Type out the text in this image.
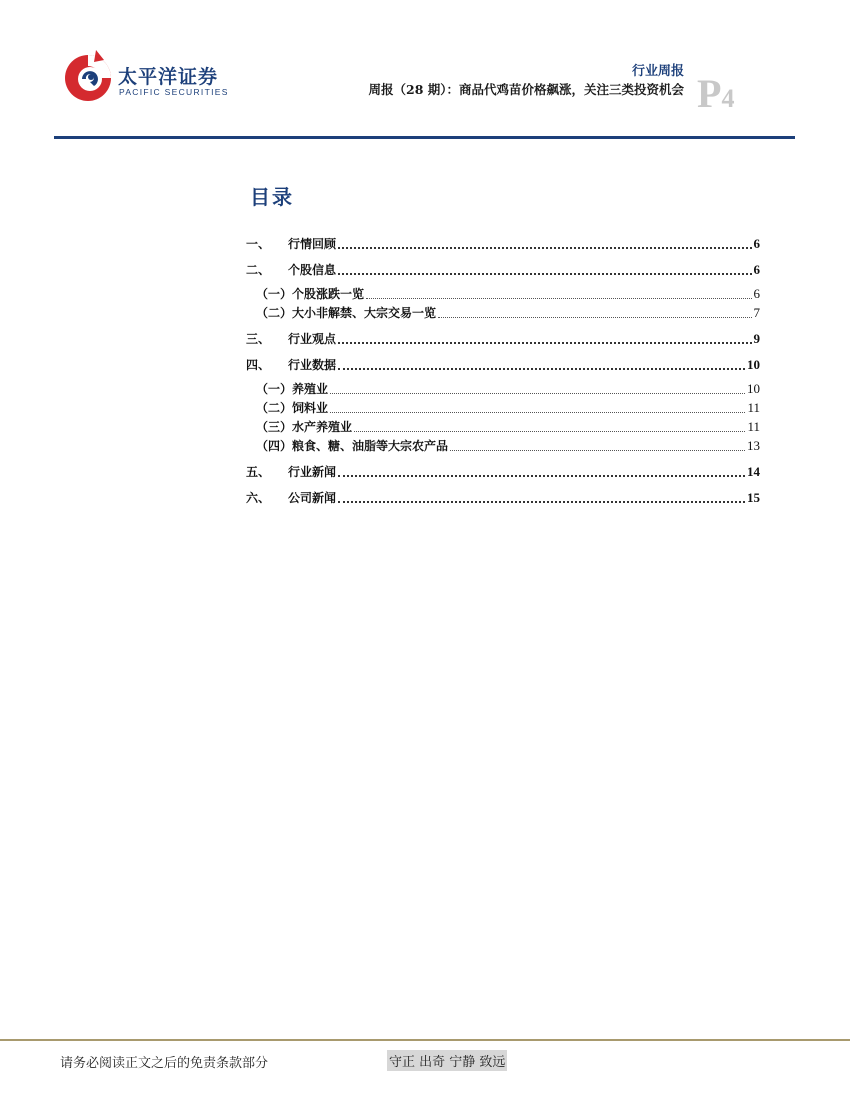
太平洋证券
PACIFIC SECURITIES
行业周报
周报（28 期）：商品代鸡苗价格飙涨，关注三类投资机会 P4
目录
一、	行情回顾	6
二、	个股信息	6
（一）个股涨跌一览	6
（二）大小非解禁、大宗交易一览	7
三、	行业观点	9
四、	行业数据	10
（一）养殖业	10
（二）饲料业	11
（三）水产养殖业	11
（四）粮食、糖、油脂等大宗农产品	13
五、	行业新闻	14
六、	公司新闻	15
请务必阅读正文之后的免责条款部分	守正 出奇 宁静 致远
